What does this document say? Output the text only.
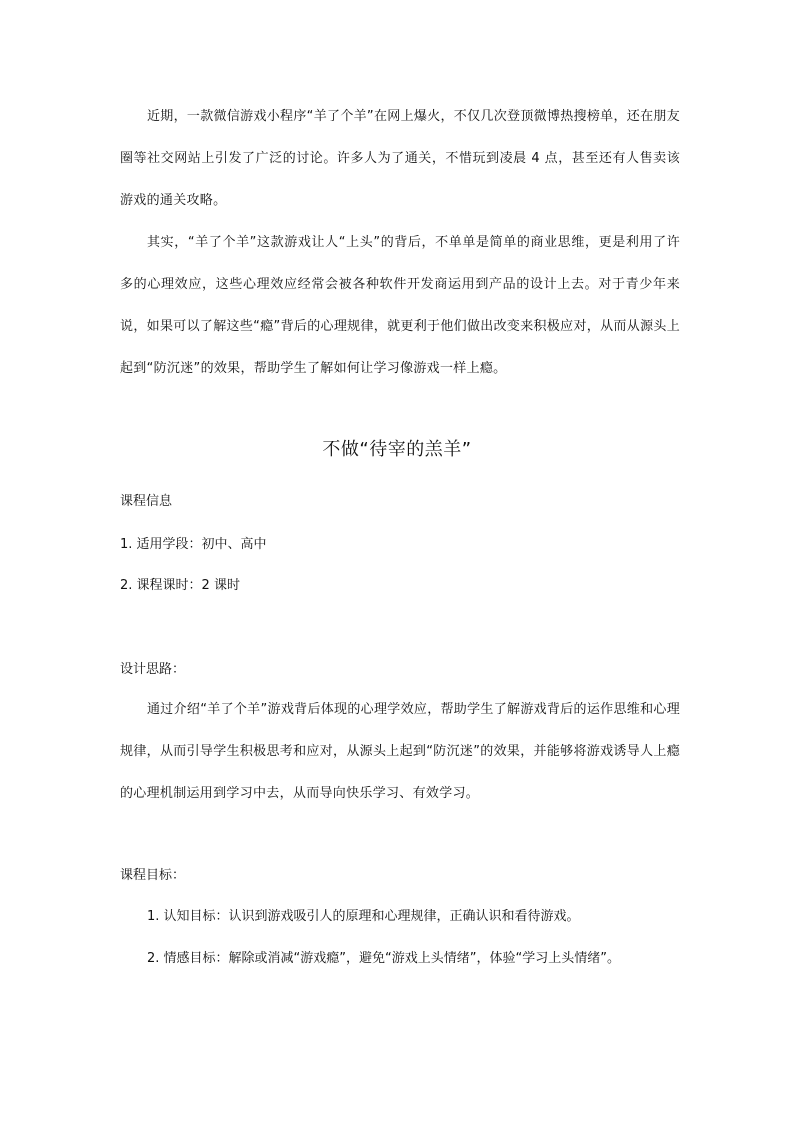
近期，一款微信游戏小程序“羊了个羊”在网上爆火，不仅几次登顶微博热搜榜单，还在朋友圈等社交网站上引发了广泛的讨论。许多人为了通关，不惜玩到凌晨 4 点，甚至还有人售卖该游戏的通关攻略。
其实，“羊了个羊”这款游戏让人“上头”的背后，不单单是简单的商业思维，更是利用了许多的心理效应，这些心理效应经常会被各种软件开发商运用到产品的设计上去。对于青少年来说，如果可以了解这些“瘾”背后的心理规律，就更利于他们做出改变来积极应对，从而从源头上起到“防沉迷”的效果，帮助学生了解如何让学习像游戏一样上瘾。
不做“待宰的羔羊”
课程信息
1. 适用学段：初中、高中
2. 课程课时：2 课时
设计思路：
通过介绍“羊了个羊”游戏背后体现的心理学效应，帮助学生了解游戏背后的运作思维和心理规律，从而引导学生积极思考和应对，从源头上起到“防沉迷”的效果，并能够将游戏诱导人上瘾的心理机制运用到学习中去，从而导向快乐学习、有效学习。
课程目标：
1. 认知目标：认识到游戏吸引人的原理和心理规律，正确认识和看待游戏。
2. 情感目标：解除或消减“游戏瘾”，避免“游戏上头情绪”，体验“学习上头情绪”。
